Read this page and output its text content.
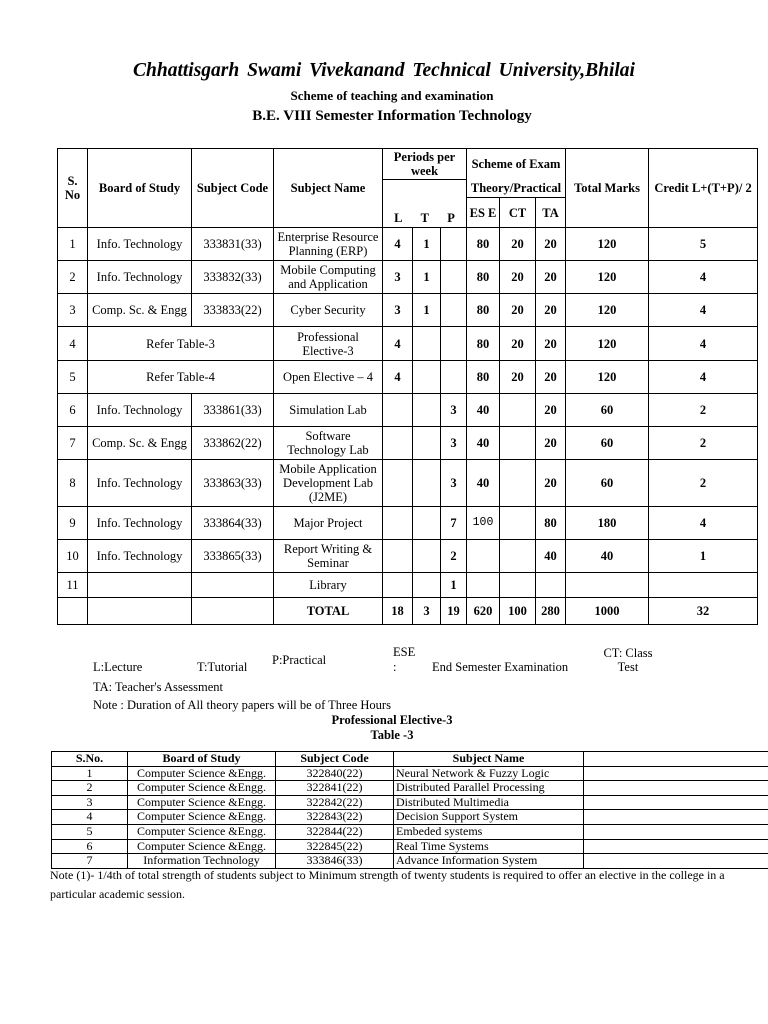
Chhattisgarh Swami Vivekanand Technical University,Bhilai
Scheme of teaching and examination
B.E. VIII Semester Information Technology
S. No	Board of Study	Subject Code	Subject Name	Periods per week			Scheme of Exam			Total Marks	Credit L+(T+P)/ 2

				L T P			Theory/Practical				
							ES E	CT	TA		
1	Info. Technology	333831(33)	Enterprise Resource Planning (ERP)	4	1		80	20	20	120	5
2	Info. Technology	333832(33)	Mobile Computing and Application	3	1		80	20	20	120	4
3	Comp. Sc. & Engg	333833(22)	Cyber Security	3	1		80	20	20	120	4
4	Refer Table-3		Professional Elective-3	4			80	20	20	120	4
5	Refer Table-4		Open Elective – 4	4			80	20	20	120	4
6	Info. Technology	333861(33)	Simulation Lab			3	40		20	60	2
7	Comp. Sc. & Engg	333862(22)	Software Technology Lab			3	40		20	60	2
8	Info. Technology	333863(33)	Mobile Application Development Lab (J2ME)			3	40		20	60	2
9	Info. Technology	333864(33)	Major Project			7	100		80	180	4
10	Info. Technology	333865(33)	Report Writing & Seminar			2			40	40	1
11			Library			1					
			TOTAL	18	3	19	620	100	280	1000	32
L:Lecture	T:Tutorial P:Practical
ESE
:	End Semester Examination
CT: Class Test
TA: Teacher's Assessment
Note : Duration of All theory papers will be of Three Hours
Professional Elective-3
Table -3
S.No.	Board of Study	Subject Code	Subject Name	
1	Computer Science &Engg.	322840(22)	Neural Network & Fuzzy Logic	
2	Computer Science &Engg.	322841(22)	Distributed Parallel Processing	
3	Computer Science &Engg.	322842(22)	Distributed Multimedia	
4	Computer Science &Engg.	322843(22)	Decision Support System	
5	Computer Science &Engg.	322844(22)	Embeded systems	
6	Computer Science &Engg.	322845(22)	Real Time Systems	
7	Information Technology	333846(33)	Advance Information System	
Note (1)- 1/4th of total strength of students subject to Minimum strength of twenty students is required to offer an elective in the college in a particular academic session.
